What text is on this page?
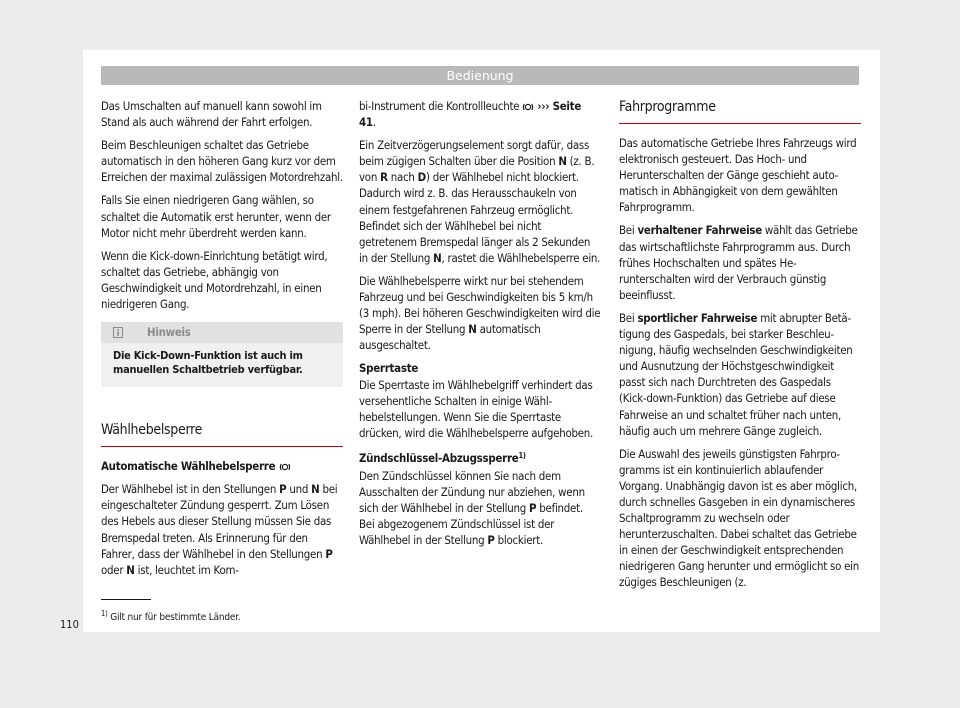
Bedienung

Das Umschalten auf manuell kann sowohl im Stand als auch während der Fahrt erfolgen.

Beim Beschleunigen schaltet das Getriebe automatisch in den höheren Gang kurz vor dem Erreichen der maximal zulässigen Motordrehzahl.

Falls Sie einen niedrigeren Gang wählen, so schaltet die Automatik erst herunter, wenn der Motor nicht mehr überdreht werden kann.

Wenn die Kick-down-Einrichtung betätigt wird, schaltet das Getriebe, abhängig von Geschwindigkeit und Motordrehzahl, in einen niedrigeren Gang.

Hinweis
Die Kick-Down-Funktion ist auch im manuellen Schaltbetrieb verfügbar.
Wählhebelsperre

Automatische Wählhebelsperre

Der Wählhebel ist in den Stellungen P und N bei eingeschalteter Zündung gesperrt. Zum Lösen des Hebels aus dieser Stellung müssen Sie das Bremspedal treten. Als Erinnerung für den Fahrer, dass der Wählhebel in den Stellungen P oder N ist, leuchtet im Kom-

bi-Instrument die Kontrollleuchte  ››› Seite 41.

Ein Zeitverzögerungselement sorgt dafür, dass beim zügigen Schalten über die Position N (z. B. von R nach D) der Wählhebel nicht blockiert. Dadurch wird z. B. das Herausschaukeln von einem festgefahrenen Fahrzeug ermöglicht. Befindet sich der Wählhebel bei nicht getretenem Bremspedal länger als 2 Sekunden in der Stellung N, rastet die Wählhebelsperre ein.

Die Wählhebelsperre wirkt nur bei stehendem Fahrzeug und bei Geschwindigkeiten bis 5 km/h (3 mph). Bei höheren Geschwindigkeiten wird die Sperre in der Stellung N automatisch ausgeschaltet.

Sperrtaste

Die Sperrtaste im Wählhebelgriff verhindert das versehentliche Schalten in einige Wählhebelstellungen. Wenn Sie die Sperrtaste drücken, wird die Wählhebelsperre aufgehoben.

Zündschlüssel-Abzugssperre$^{1)}$

Den Zündschlüssel können Sie nach dem Ausschalten der Zündung nur abziehen, wenn sich der Wählhebel in der Stellung P befindet. Bei abgezogenem Zündschlüssel ist der Wählhebel in der Stellung P blockiert.

Fahrprogramme

Das automatische Getriebe Ihres Fahrzeugs wird elektronisch gesteuert. Das Hoch- und Herunterschalten der Gänge geschieht automatisch in Abhängigkeit von dem gewählten Fahrprogramm.

Bei verhaltener Fahrweise wählt das Getriebe das wirtschaftlichste Fahrprogramm aus. Durch frühes Hochschalten und spätes Herunterschalten wird der Verbrauch günstig beeinflusst.

Bei sportlicher Fahrweise mit abrupter Betätigung des Gaspedals, bei starker Beschleunigung, häufig wechselnden Geschwindigkeiten und Ausnutzung der Höchstgeschwindigkeit passt sich nach Durchtreten des Gaspedals (Kick-down-Funktion) das Getriebe auf diese Fahrweise an und schaltet früher nach unten, häufig auch um mehrere Gänge zugleich.

Die Auswahl des jeweils günstigsten Fahrprogramms ist ein kontinuierlich ablaufender Vorgang. Unabhängig davon ist es aber möglich, durch schnelles Gasgeben in ein dynamischeres Schaltprogramm zu wechseln oder herunterzuschalten. Dabei schaltet das Getriebe in einen der Geschwindigkeit entsprechenden niedrigeren Gang herunter und ermöglicht so ein zügiges Beschleunigen (z.

$^{1)}$ Gilt nur für bestimmte Länder.
110
